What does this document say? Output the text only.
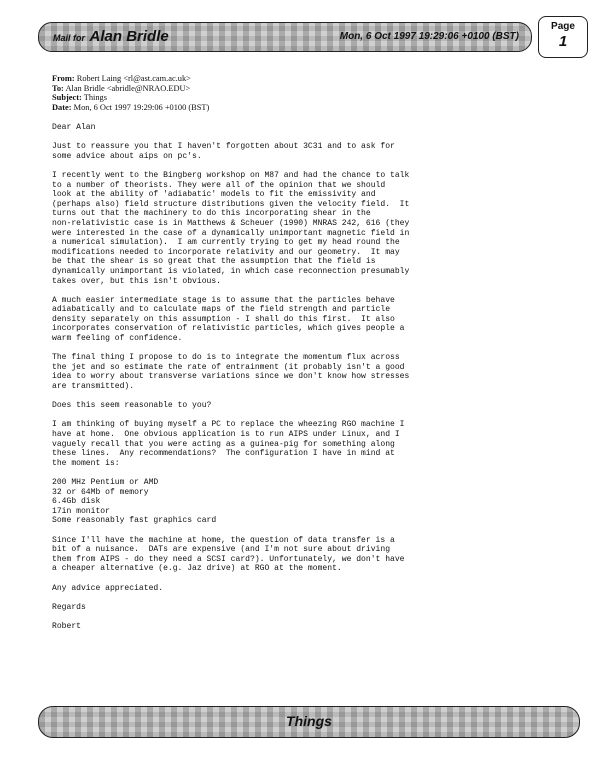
Mail for Alan Bridle	Mon, 6 Oct 1997 19:29:06 +0100 (BST)
Page
1
From: Robert Laing <rl@ast.cam.ac.uk>
To: Alan Bridle <abridle@NRAO.EDU>
Subject: Things
Date: Mon, 6 Oct 1997 19:29:06 +0100 (BST)
Dear Alan
Just to reassure you that I haven't forgotten about 3C31 and to ask for
some advice about aips on pc's.
I recently went to the Bingberg workshop on M87 and had the chance to talk
to a number of theorists. They were all of the opinion that we should
look at the ability of 'adiabatic' models to fit the emissivity and
(perhaps also) field structure distributions given the velocity field.  It
turns out that the machinery to do this incorporating shear in the
non-relativistic case is in Matthews & Scheuer (1990) MNRAS 242, 616 (they
were interested in the case of a dynamically unimportant magnetic field in
a numerical simulation).  I am currently trying to get my head round the
modifications needed to incorporate relativity and our geometry.  It may
be that the shear is so great that the assumption that the field is
dynamically unimportant is violated, in which case reconnection presumably
takes over, but this isn't obvious.
A much easier intermediate stage is to assume that the particles behave
adiabatically and to calculate maps of the field strength and particle
density separately on this assumption - I shall do this first.  It also
incorporates conservation of relativistic particles, which gives people a
warm feeling of confidence.
The final thing I propose to do is to integrate the momentum flux across
the jet and so estimate the rate of entrainment (it probably isn't a good
idea to worry about transverse variations since we don't know how stresses
are transmitted).
Does this seem reasonable to you?
I am thinking of buying myself a PC to replace the wheezing RGO machine I
have at home.  One obvious application is to run AIPS under Linux, and I
vaguely recall that you were acting as a guinea-pig for something along
these lines.  Any recommendations?  The configuration I have in mind at
the moment is:
200 MHz Pentium or AMD
32 or 64Mb of memory
6.4Gb disk
17in monitor
Some reasonably fast graphics card
Since I'll have the machine at home, the question of data transfer is a
bit of a nuisance.  DATs are expensive (and I'm not sure about driving
them from AIPS - do they need a SCSI card?). Unfortunately, we don't have
a cheaper alternative (e.g. Jaz drive) at RGO at the moment.
Any advice appreciated.
Regards
Robert
Things
